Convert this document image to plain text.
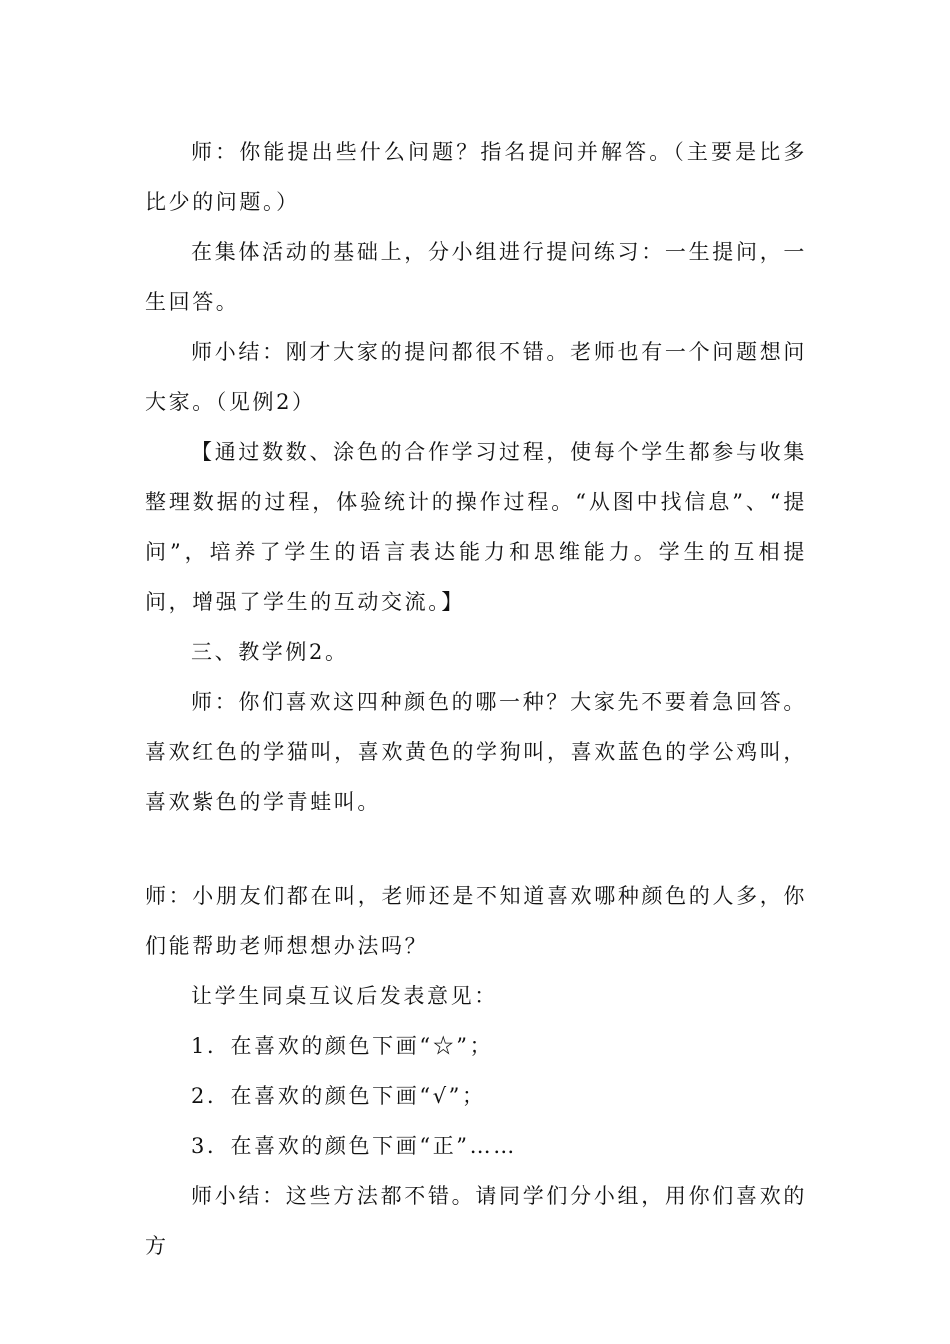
师：你能提出些什么问题？指名提问并解答。（主要是比多比少的问题。）

在集体活动的基础上，分小组进行提问练习：一生提问，一生回答。

师小结：刚才大家的提问都很不错。老师也有一个问题想问大家。（见例2）

【通过数数、涂色的合作学习过程，使每个学生都参与收集整理数据的过程，体验统计的操作过程。“从图中找信息”、“提问”，培养了学生的语言表达能力和思维能力。学生的互相提问，增强了学生的互动交流。】

三、教学例2。

师：你们喜欢这四种颜色的哪一种？大家先不要着急回答。喜欢红色的学猫叫，喜欢黄色的学狗叫，喜欢蓝色的学公鸡叫，喜欢紫色的学青蛙叫。

师：小朋友们都在叫，老师还是不知道喜欢哪种颜色的人多，你们能帮助老师想想办法吗？

让学生同桌互议后发表意见：

1．在喜欢的颜色下画“☆”；

2．在喜欢的颜色下画“√”；

3．在喜欢的颜色下画“正”……

师小结：这些方法都不错。请同学们分小组，用你们喜欢的方
